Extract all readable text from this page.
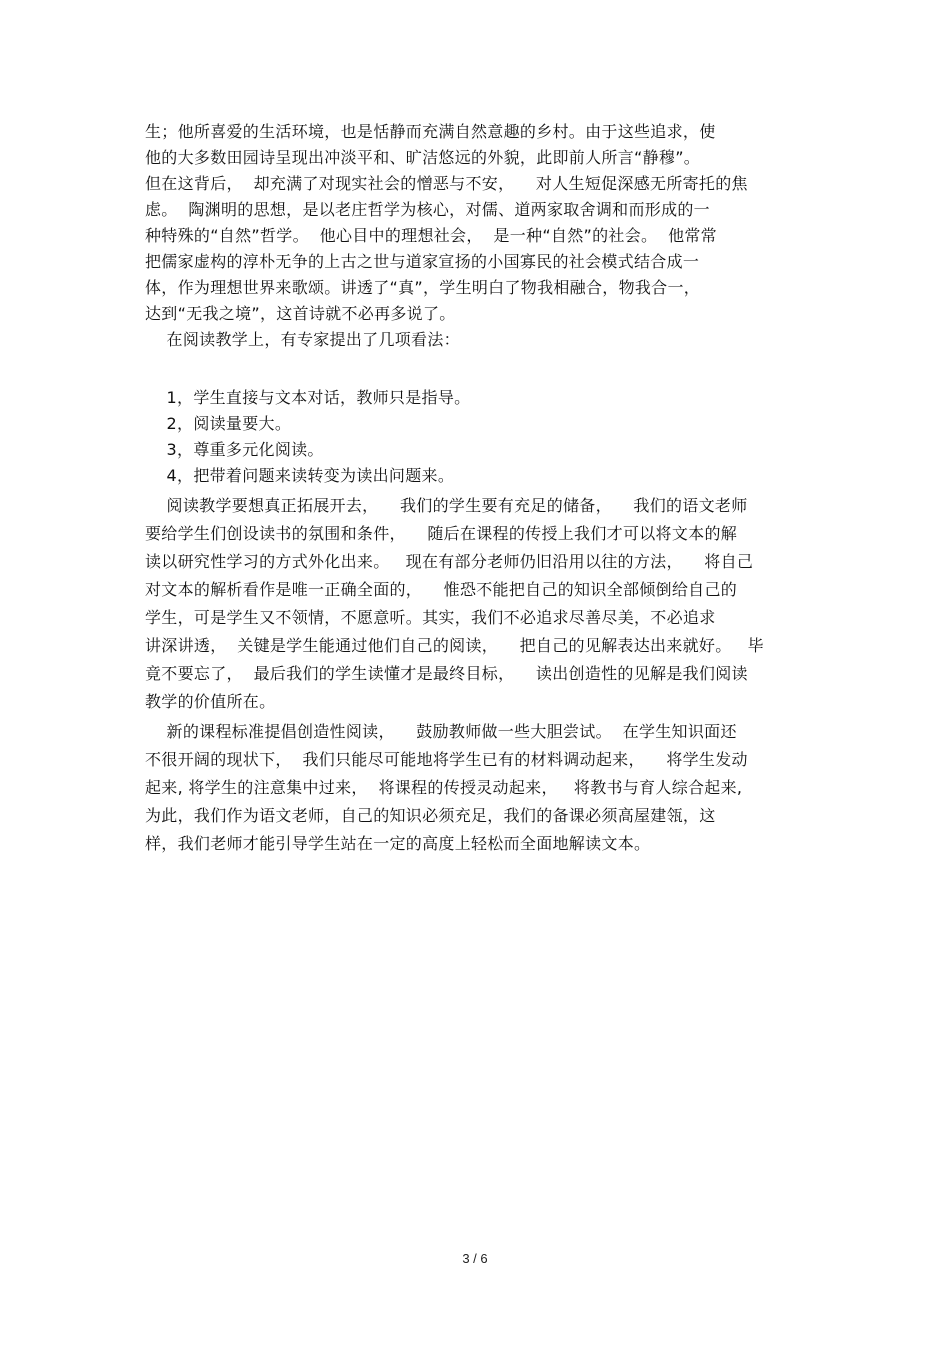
生；他所喜爱的生活环境，也是恬静而充满自然意趣的乡村。由于这些追求，使
他的大多数田园诗呈现出冲淡平和、旷洁悠远的外貌，此即前人所言“静穆”。
但在这背后，  却充满了对现实社会的憎恶与不安，    对人生短促深感无所寄托的焦
虑。  陶渊明的思想，是以老庄哲学为核心，对儒、道两家取舍调和而形成的一
种特殊的“自然”哲学。  他心目中的理想社会，  是一种“自然”的社会。  他常常
把儒家虚构的淳朴无争的上古之世与道家宣扬的小国寡民的社会模式结合成一
体，作为理想世界来歌颂。讲透了“真”，学生明白了物我相融合，物我合一，
达到“无我之境”，这首诗就不必再多说了。
在阅读教学上，有专家提出了几项看法：
1，学生直接与文本对话，教师只是指导。
2，阅读量要大。
3，尊重多元化阅读。
4，把带着问题来读转变为读出问题来。
阅读教学要想真正拓展开去，    我们的学生要有充足的储备，    我们的语文老师
要给学生们创设读书的氛围和条件，    随后在课程的传授上我们才可以将文本的解
读以研究性学习的方式外化出来。   现在有部分老师仍旧沿用以往的方法，    将自己
对文本的解析看作是唯一正确全面的，    惟恐不能把自己的知识全部倾倒给自己的
学生，可是学生又不领情，不愿意听。其实，我们不必追求尽善尽美，不必追求
讲深讲透，  关键是学生能通过他们自己的阅读，    把自己的见解表达出来就好。   毕
竟不要忘了，  最后我们的学生读懂才是最终目标，    读出创造性的见解是我们阅读
教学的价值所在。
新的课程标准提倡创造性阅读，    鼓励教师做一些大胆尝试。  在学生知识面还
不很开阔的现状下，  我们只能尽可能地将学生已有的材料调动起来，    将学生发动
起来, 将学生的注意集中过来，  将课程的传授灵动起来，   将教书与育人综合起来,
为此，我们作为语文老师，自己的知识必须充足，我们的备课必须高屋建瓴，这
样，我们老师才能引导学生站在一定的高度上轻松而全面地解读文本。
3 / 6
